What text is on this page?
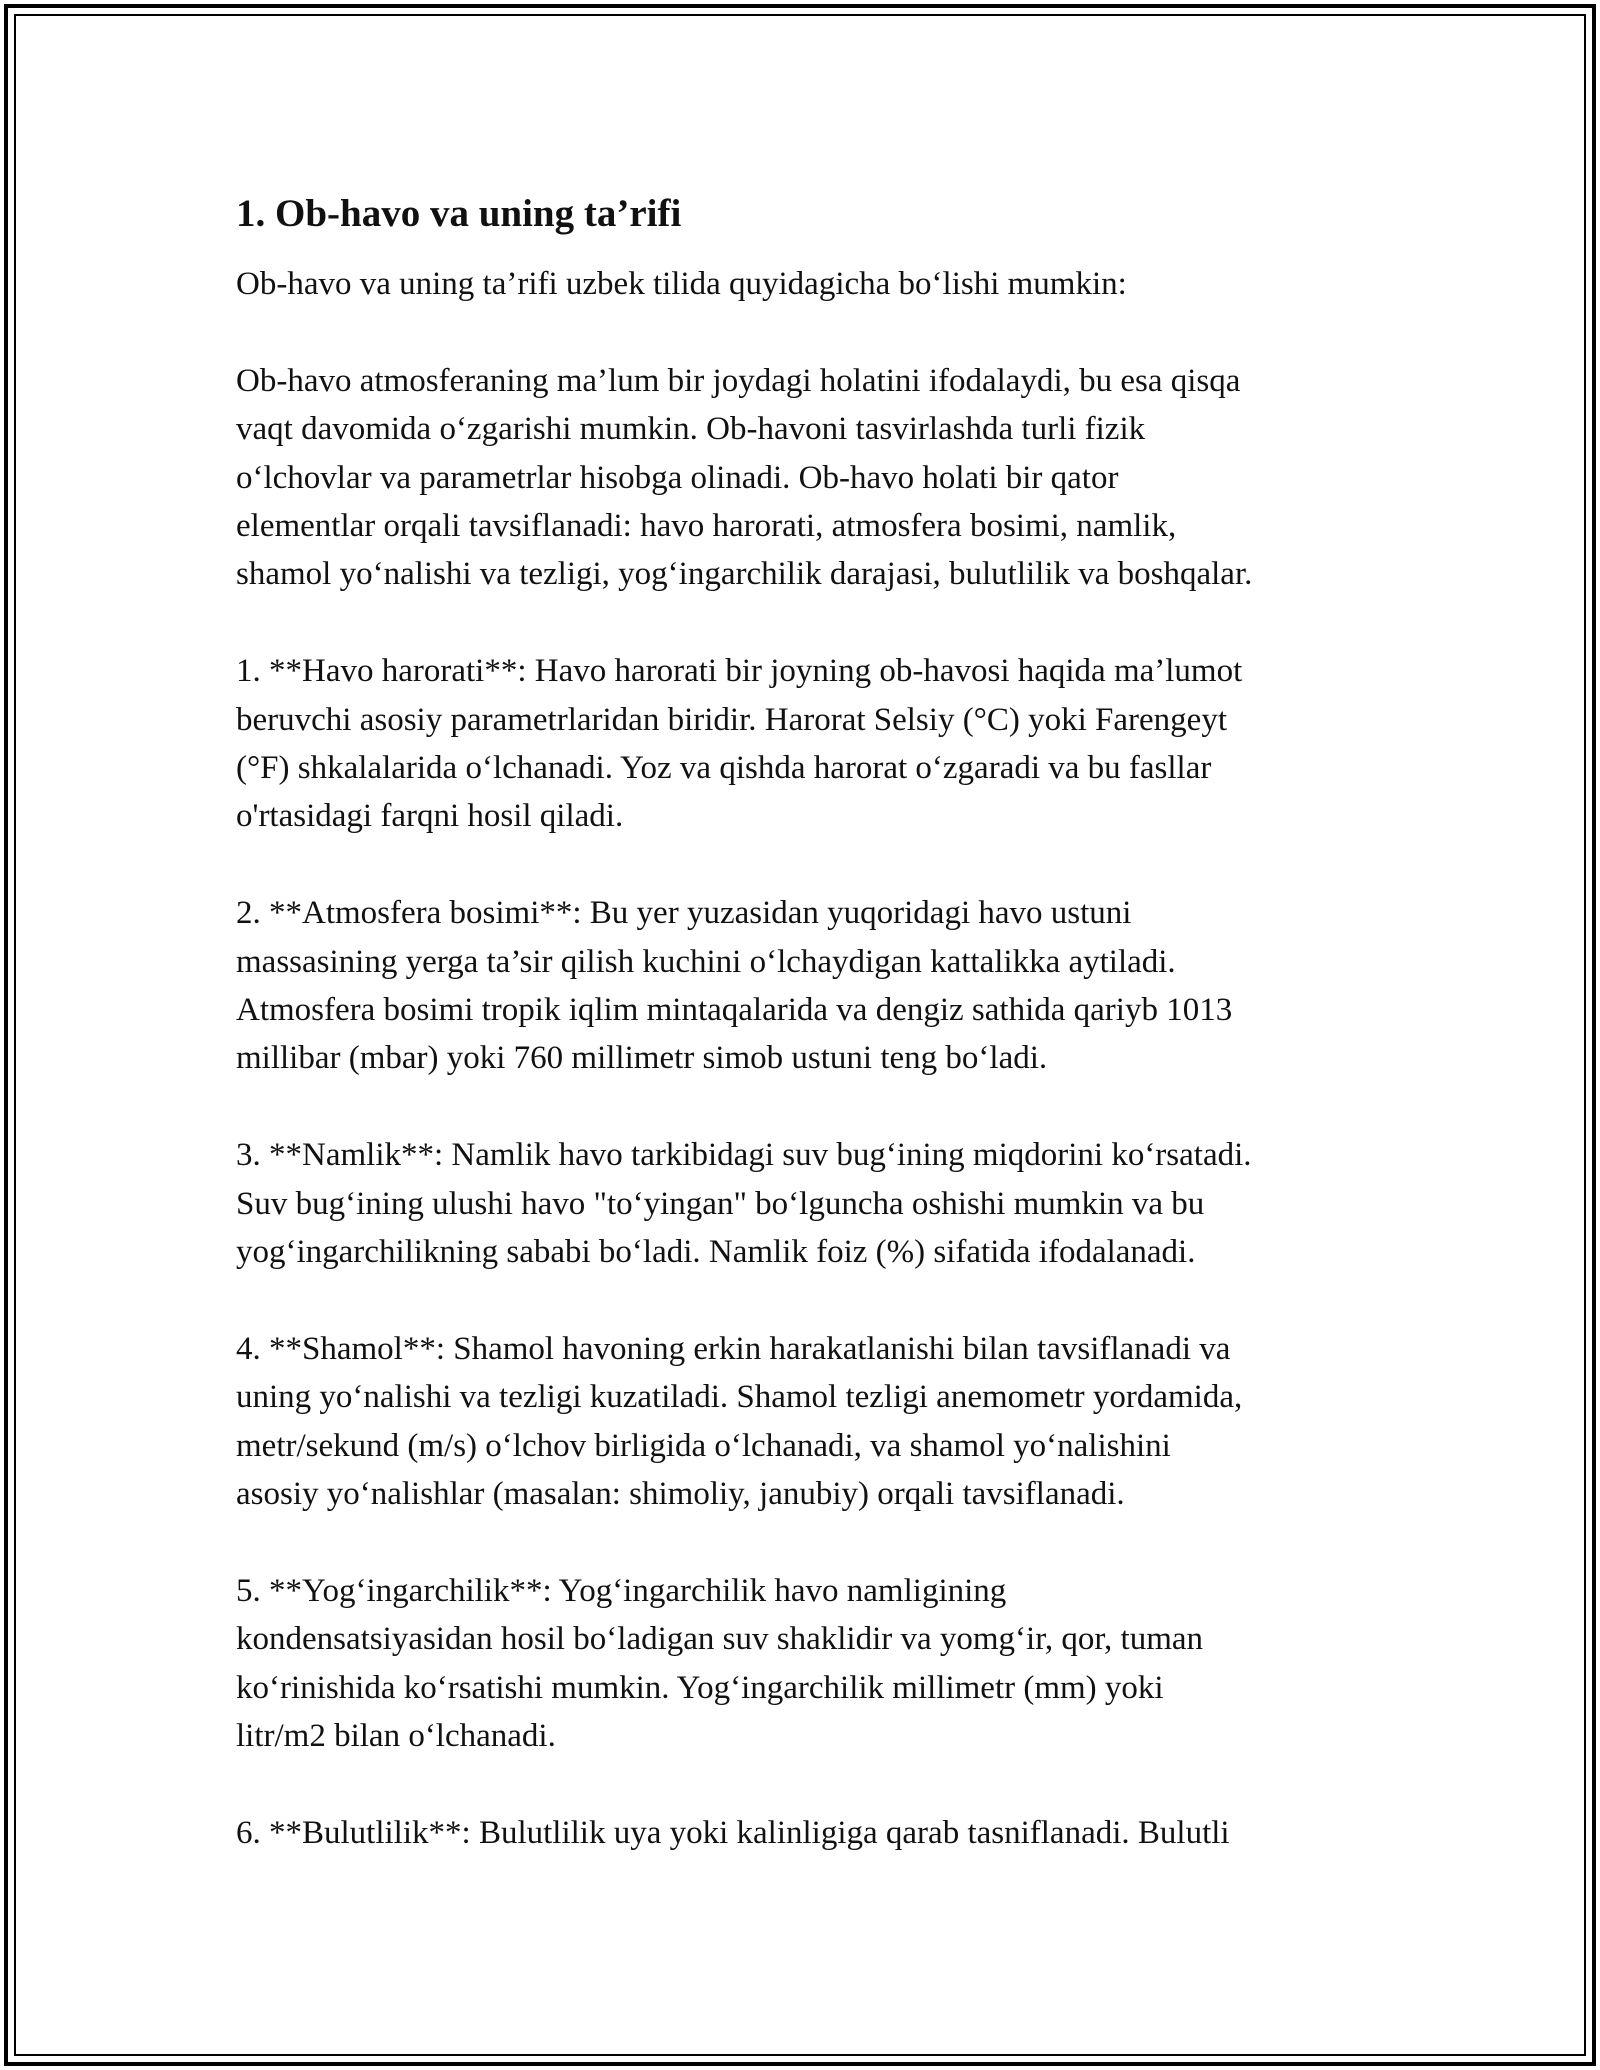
1. Ob-havo va uning ta’rifi
Ob-havo va uning ta’rifi uzbek tilida quyidagicha bo‘lishi mumkin:
Ob-havo atmosferaning ma’lum bir joydagi holatini ifodalaydi, bu esa qisqa
vaqt davomida o‘zgarishi mumkin. Ob-havoni tasvirlashda turli fizik
o‘lchovlar va parametrlar hisobga olinadi. Ob-havo holati bir qator
elementlar orqali tavsiflanadi: havo harorati, atmosfera bosimi, namlik,
shamol yo‘nalishi va tezligi, yog‘ingarchilik darajasi, bulutlilik va boshqalar.
1. **Havo harorati**: Havo harorati bir joyning ob-havosi haqida ma’lumot
beruvchi asosiy parametrlaridan biridir. Harorat Selsiy (°C) yoki Farengeyt
(°F) shkalalarida o‘lchanadi. Yoz va qishda harorat o‘zgaradi va bu fasllar
o'rtasidagi farqni hosil qiladi.
2. **Atmosfera bosimi**: Bu yer yuzasidan yuqoridagi havo ustuni
massasining yerga ta’sir qilish kuchini o‘lchaydigan kattalikka aytiladi.
Atmosfera bosimi tropik iqlim mintaqalarida va dengiz sathida qariyb 1013
millibar (mbar) yoki 760 millimetr simob ustuni teng bo‘ladi.
3. **Namlik**: Namlik havo tarkibidagi suv bug‘ining miqdorini ko‘rsatadi.
Suv bug‘ining ulushi havo "to‘yingan" bo‘lguncha oshishi mumkin va bu
yog‘ingarchilikning sababi bo‘ladi. Namlik foiz (%) sifatida ifodalanadi.
4. **Shamol**: Shamol havoning erkin harakatlanishi bilan tavsiflanadi va
uning yo‘nalishi va tezligi kuzatiladi. Shamol tezligi anemometr yordamida,
metr/sekund (m/s) o‘lchov birligida o‘lchanadi, va shamol yo‘nalishini
asosiy yo‘nalishlar (masalan: shimoliy, janubiy) orqali tavsiflanadi.
5. **Yog‘ingarchilik**: Yog‘ingarchilik havo namligining
kondensatsiyasidan hosil bo‘ladigan suv shaklidir va yomg‘ir, qor, tuman
ko‘rinishida ko‘rsatishi mumkin. Yog‘ingarchilik millimetr (mm) yoki
litr/m2 bilan o‘lchanadi.
6. **Bulutlilik**: Bulutlilik uya yoki kalinligiga qarab tasniflanadi. Bulutli
